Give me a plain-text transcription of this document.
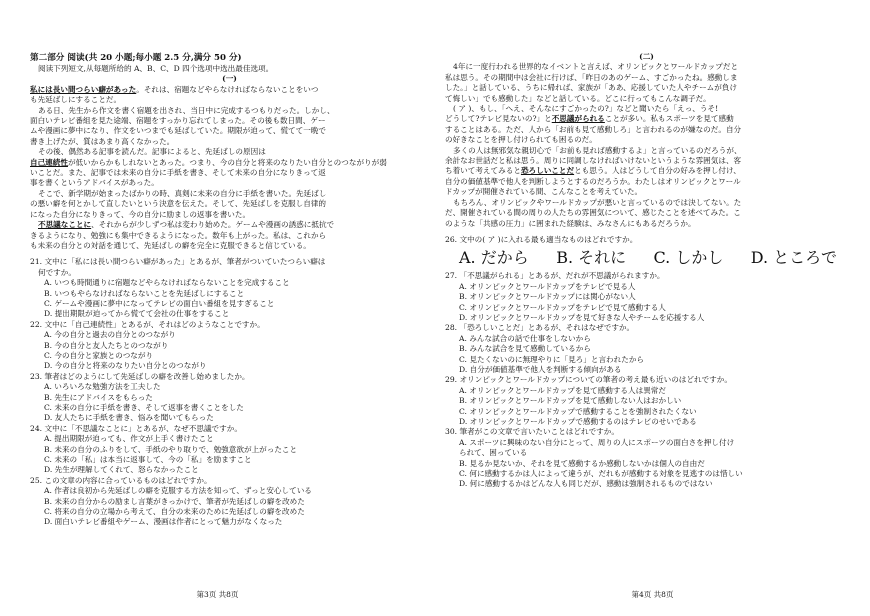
第二部分 阅读(共 20 小题;每小题 2.5 分,满分 50 分)
阅读下列短文,从每题所给的 A、B、C、D 四个选项中选出最佳选项。
(一)
私には長い間つらい癖があった。それは、宿題などやらなければならないことをいつ
も先延ばしにすることだ。
ある日、先生から作文を書く宿題を出され、当日中に完成するつもりだった。しかし、
面白いテレビ番組を見た途端、宿題をすっかり忘れてしまった。その後も数日間、ゲー
ムや漫画に夢中になり、作文をいつまでも延ばしていた。期限が迫って、慌てて一晩で
書き上げたが、質はあまり高くなかった。
その後、偶然ある記事を読んだ。記事によると、先延ばしの原因は
自己連続性が低いからかもしれないとあった。つまり、今の自分と将来のなりたい自分とのつながりが弱
いことだ。また、記事では未来の自分に手紙を書き、そして未来の自分になりきって返
事を書くというアドバイスがあった。
そこで、新学期が始まったばかりの時、真剣に未来の自分に手紙を書いた。先延ばし
の悪い癖を何とかして直したいという決意を伝えた。そして、先延ばしを克服し自律的
になった自分になりきって、今の自分に励ましの返事を書いた。
不思議なことに、それからが少しずつ私は変わり始めた。ゲームや漫画の誘惑に抵抗で
きるようになり、勉強にも集中できるようになった。数年も上がった。私は、これから
も未来の自分との対話を通じて、先延ばしの癖を完全に克服できると信じている。
21. 文中に「私には長い間つらい癖があった」とあるが、筆者がついていたつらい癖は
何ですか。
A. いつも時間通りに宿題などやらなければならないことを完成すること
B. いつもやらなければならないことを先延ばしにすること
C. ゲームや漫画に夢中になってテレビの面白い番組を見すぎること
D. 提出期限が迫ってから慌てて会社の仕事をすること
22. 文中に「自己連続性」とあるが、それはどのようなことですか。
A. 今の自分と過去の自分とのつながり
B. 今の自分と友人たちとのつながり
C. 今の自分と家族とのつながり
D. 今の自分と将来のなりたい自分とのつながり
23. 筆者はどのようにして先延ばしの癖を改善し始めましたか。
A. いろいろな勉強方法を工夫した
B. 先生にアドバイスをもらった
C. 未来の自分に手紙を書き、そして返事を書くことをした
D. 友人たちに手紙を書き、悩みを聞いてもらった
24. 文中に「不思議なことに」とあるが、なぜ不思議ですか。
A. 提出期限が迫っても、作文が上手く書けたこと
B. 未来の自分のふりをして、手紙のやり取りで、勉強意欲が上がったこと
C. 未来の「私」は本当に返事して、今の「私」を励ますこと
D. 先生が理解してくれて、怒らなかったこと
25. この文章の内容に合っているものはどれですか。
A. 作者は良初から先延ばしの癖を克服する方法を知って、ずっと安心している
B. 未来の自分からの励まし言葉がきっかけで、筆者が先延ばしの癖を改めた
C. 将来の自分の立場から考えて、自分の未来のために先延ばしの癖を改めた
D. 面白いテレビ番組やゲーム、漫画は作者にとって魅力がなくなった
第3页 共8页
(二)
4年に一度行われる世界的なイベントと言えば、オリンピックとワールドカップだと
私は思う。その期間中は会社に行けば、「昨日のあのゲーム、すごかったね。感動しま
した。」と話している、うちに帰れば、家族が「ああ、応援していた人やチームが負け
て悔しい」でも感動した」などと話している。どこに行ってもこんな調子だ。
( ア )、もし、「へえ、そんなにすごかったの?」などと聞いたら「えっ、うそ!
どうして?テレビ見ないの?」と不思議がられることが多い。私もスポーツを見て感動
することはある。ただ、人から「お前も見て感動しろ」と言われるのが嫌なのだ。自分
の好きなことを押し付けられても困るのだ。
多くの人は無邪気な親切心で「お前も見れば感動するよ」と言っているのだろうが、
余計なお世話だと私は思う。周りに同調しなければいけないというような雰囲気は、客
ち着いて考えてみると恐ろしいことだとも思う。人はどうして自分の好みを押し付け、
自分の価値基準で他人を判断しようとするのだろうか。わたしはオリンピックとワール
ドカップが開催されている間、こんなことを考えていた。
もちろん、オリンピックやワールドカップが悪いと言っているのでは決してない。た
だ、開催されている間の周りの人たちの雰囲気について、感じたことを述べてみた。こ
のような「共感の圧力」に囲まれた経験は、みなさんにもあるだろうか。
26. 文中の( ア )に入れる最も適当なものはどれですか。
A. だから	B. それに	C. しかし	D. ところで
27. 「不思議がられる」とあるが、だれが不思議がられますか。
A. オリンピックとワールドカップをテレビで見る人
B. オリンピックとワールドカップには関心がない人
C. オリンピックとワールドカップをテレビで見て感動する人
D. オリンピックとワールドカップを見て好きな人やチームを応援する人
28. 「恐ろしいことだ」とあるが、それはなぜですか。
A. みんな試合の話で仕事をしないから
B. みんな試合を見て感動しているから
C. 見たくないのに無理やりに「見ろ」と言われたから
D. 自分が価値基準で他人を判断する傾向がある
29. オリンピックとワールドカップについての筆者の考え最も近いのはどれですか。
A. オリンピックとワールドカップを見て感動する人は異常だ
B. オリンピックとワールドカップを見て感動しない人はおかしい
C. オリンピックとワールドカップで感動することを強制されたくない
D. オリンピックとワールドカップで感動するのはテレビのせいである
30. 筆者がこの文章で言いたいことはどれですか。
A. スポーツに興味のない自分にとって、周りの人にスポーツの面白さを押し付け
られて、困っている
B. 見るか見ないか、それを見て感動するか感動しないかは個人の自由だ
C. 何に感動するかは人によって違うが、だれもが感動する対象を見逃すのは惜しい
D. 何に感動するかはどんな人も同じだが、感動は強制されるものではない
第4页 共8页
